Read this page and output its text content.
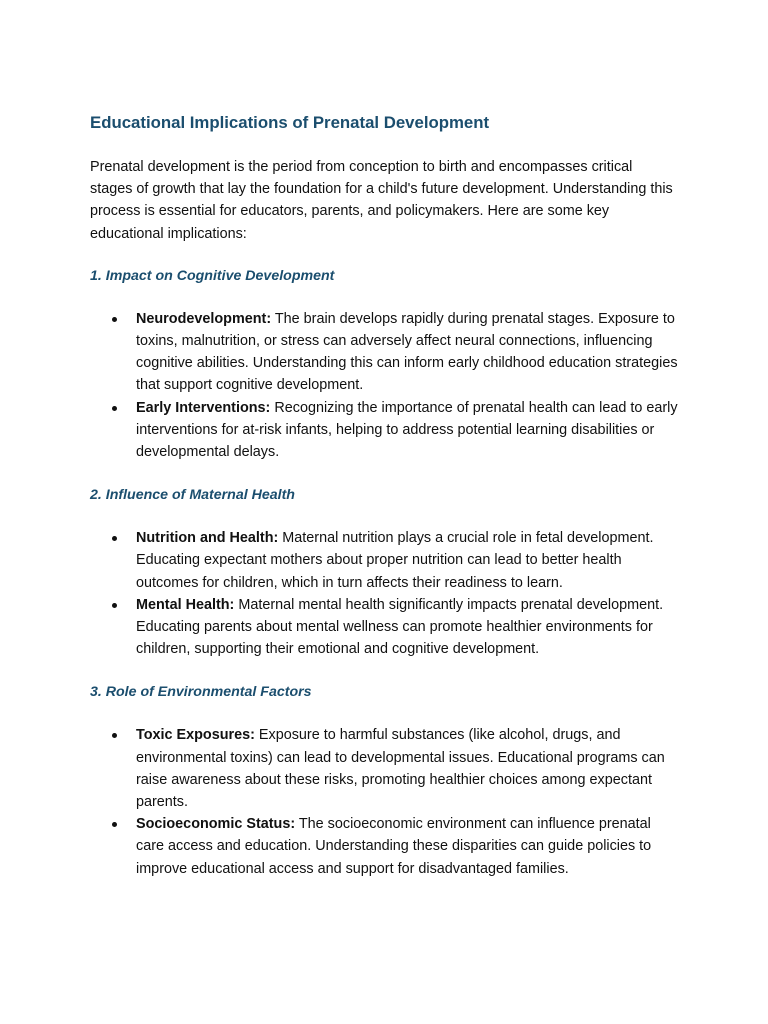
Educational Implications of Prenatal Development

Prenatal development is the period from conception to birth and encompasses critical stages of growth that lay the foundation for a child's future development. Understanding this process is essential for educators, parents, and policymakers. Here are some key educational implications:

1. Impact on Cognitive Development
Neurodevelopment: The brain develops rapidly during prenatal stages. Exposure to toxins, malnutrition, or stress can adversely affect neural connections, influencing cognitive abilities. Understanding this can inform early childhood education strategies that support cognitive development.
Early Interventions: Recognizing the importance of prenatal health can lead to early interventions for at-risk infants, helping to address potential learning disabilities or developmental delays.
2. Influence of Maternal Health
Nutrition and Health: Maternal nutrition plays a crucial role in fetal development. Educating expectant mothers about proper nutrition can lead to better health outcomes for children, which in turn affects their readiness to learn.
Mental Health: Maternal mental health significantly impacts prenatal development. Educating parents about mental wellness can promote healthier environments for children, supporting their emotional and cognitive development.
3. Role of Environmental Factors
Toxic Exposures: Exposure to harmful substances (like alcohol, drugs, and environmental toxins) can lead to developmental issues. Educational programs can raise awareness about these risks, promoting healthier choices among expectant parents.
Socioeconomic Status: The socioeconomic environment can influence prenatal care access and education. Understanding these disparities can guide policies to improve educational access and support for disadvantaged families.
